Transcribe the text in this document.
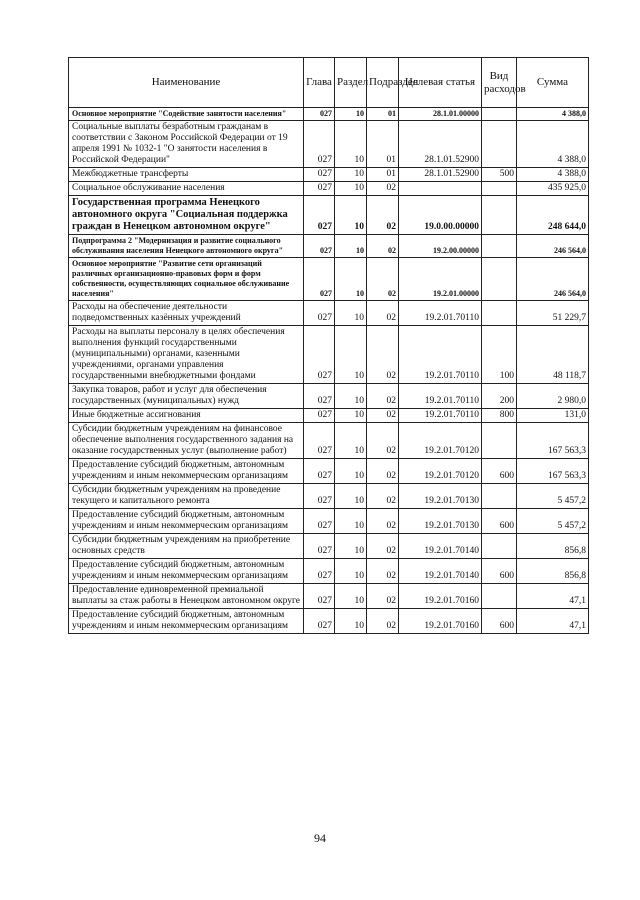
Наименование	Глава	Раздел	Подраздел	Целевая статья	Вид расходов	Сумма
Основное мероприятие "Содействие занятости населения"	027	10	01	28.1.01.00000		4 388,0
Социальные выплаты безработным гражданам в соответствии с Законом Российской Федерации от 19 апреля 1991 № 1032-1 "О занятости населения в Российской Федерации"	027	10	01	28.1.01.52900		4 388,0
Межбюджетные трансферты	027	10	01	28.1.01.52900	500	4 388,0
Социальное обслуживание населения	027	10	02			435 925,0
Государственная программа Ненецкого автономного округа "Социальная поддержка граждан в Ненецком автономном округе"	027	10	02	19.0.00.00000		248 644,0
Подпрограмма 2 "Модернизация и развитие социального обслуживания населения Ненецкого автономного округа"	027	10	02	19.2.00.00000		246 564,0
Основное мероприятие "Развитие сети организаций различных организационно-правовых форм и форм собственности, осуществляющих социальное обслуживание населения"	027	10	02	19.2.01.00000		246 564,0
Расходы на обеспечение деятельности подведомственных казённых учреждений	027	10	02	19.2.01.70110		51 229,7
Расходы на выплаты персоналу в целях обеспечения выполнения функций государственными (муниципальными) органами, казенными учреждениями, органами управления государственными внебюджетными фондами	027	10	02	19.2.01.70110	100	48 118,7
Закупка товаров, работ и услуг для обеспечения государственных (муниципальных) нужд	027	10	02	19.2.01.70110	200	2 980,0
Иные бюджетные ассигнования	027	10	02	19.2.01.70110	800	131,0
Субсидии бюджетным учреждениям на финансовое обеспечение выполнения государственного задания на оказание государственных услуг (выполнение работ)	027	10	02	19.2.01.70120		167 563,3
Предоставление субсидий бюджетным, автономным учреждениям и иным некоммерческим организациям	027	10	02	19.2.01.70120	600	167 563,3
Субсидии бюджетным учреждениям на проведение текущего и капитального ремонта	027	10	02	19.2.01.70130		5 457,2
Предоставление субсидий бюджетным, автономным учреждениям и иным некоммерческим организациям	027	10	02	19.2.01.70130	600	5 457,2
Субсидии бюджетным учреждениям на приобретение основных средств	027	10	02	19.2.01.70140		856,8
Предоставление субсидий бюджетным, автономным учреждениям и иным некоммерческим организациям	027	10	02	19.2.01.70140	600	856,8
Предоставление единовременной премиальной выплаты за стаж работы в Ненецком автономном округе	027	10	02	19.2.01.70160		47,1
Предоставление субсидий бюджетным, автономным учреждениям и иным некоммерческим организациям	027	10	02	19.2.01.70160	600	47,1
94
